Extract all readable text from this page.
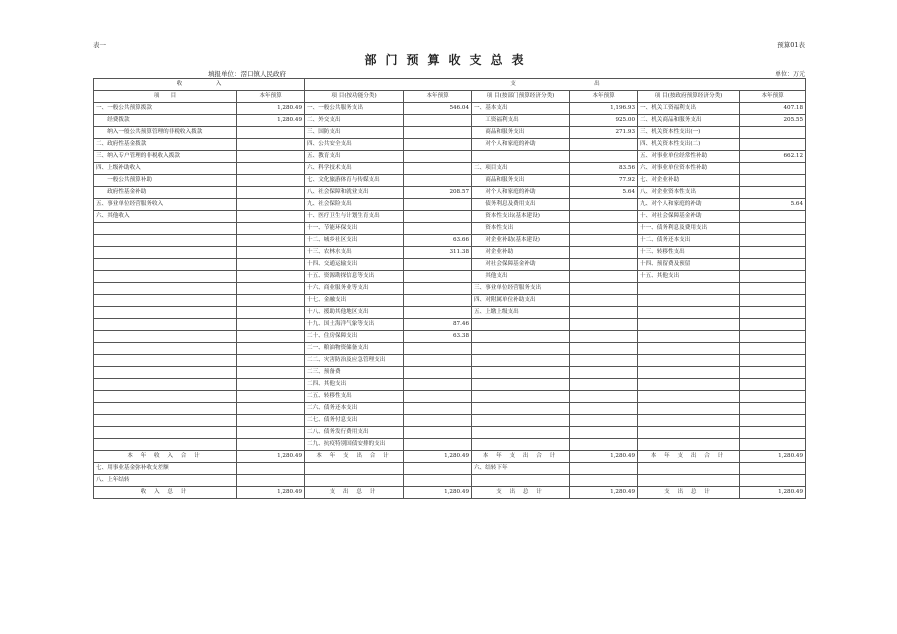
表一	预算01表
部门预算收支总表
填报单位：滘口镇人民政府	单位：万元
收　　　　　　入		支　　　　　　　　　　　　　　出					
项　　目	本年预算	项 目(按功能分类)	本年预算	项 目(按部门预算经济分类)	本年预算	项 目(按政府预算经济分类)	本年预算
一、一般公共预算拨款	1,280.49	一、一般公共服务支出	546.04	一、基本支出	1,196.93	一、机关工资福利支出	407.18
　　经费拨款	1,280.49	二、外交支出		　　工资福利支出	925.00	二、机关商品和服务支出	205.55
　　纳入一般公共预算管理的非税收入拨款		三、国防支出		　　商品和服务支出	271.93	三、机关资本性支出(一)	
二、政府性基金拨款		四、公共安全支出		　　对个人和家庭的补助		四、机关资本性支出(二)	
三、纳入专户管理的非税收入拨款		五、教育支出				五、对事业单位经常性补助	662.12
四、上级补助收入		六、科学技术支出		二、项目支出	83.56	六、对事业单位资本性补助	
　　一般公共预算补助		七、文化旅游体育与传媒支出		　　商品和服务支出	77.92	七、对企业补助	
　　政府性基金补助		八、社会保障和就业支出	208.57	　　对个人和家庭的补助	5.64	八、对企业资本性支出	
五、事业单位经营服务收入		九、社会保险支出		　　债务利息及费用支出		九、对个人和家庭的补助	5.64
六、其他收入		十、医疗卫生与计划生育支出		　　资本性支出(基本建设)		十、对社会保障基金补助	
		十一、节能环保支出		　　资本性支出		十一、债务利息及费用支出	
		十二、城乡社区支出	63.66	　　对企业补助(基本建设)		十二、债务还本支出	
		十三、农林水支出	311.38	　　对企业补助		十三、转移性支出	
		十四、交通运输支出		　　对社会保障基金补助		十四、预留费及预留	
		十五、资源勘探信息等支出		　　其他支出		十五、其他支出	
		十六、商业服务业等支出		三、事业单位经营服务支出			
		十七、金融支出		四、对附属单位补助支出			
		十八、援助其他地区支出		五、上缴上级支出			
		十九、国土海洋气象等支出	87.46				
		二十、住房保障支出	63.38				
		二一、粮油物资储备支出					
		二二、灾害防治及应急管理支出					
		二三、预备费					
		二四、其他支出					
		二五、转移性支出					
		二六、债务还本支出					
		二七、债务付息支出					
		二八、债务发行费用支出					
		二九、抗疫特别国债安排的支出					
本 年 收 入 合 计	1,280.49	本 年 支 出 合 计	1,280.49	本 年 支 出 合 计	1,280.49	本 年 支 出 合 计	1,280.49
七、用事业基金弥补收支差额				六、结转下年			
八、上年结转							
收 入 总 计	1,280.49	支 出 总 计	1,280.49	支 出 总 计	1,280.49	支 出 总 计	1,280.49
